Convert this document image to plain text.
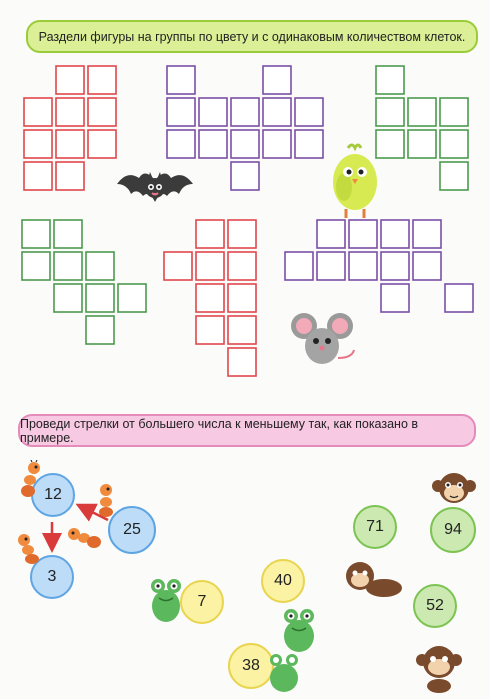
Раздели фигуры на группы по цвету и с одинаковым количеством клеток.
Проведи стрелки от большего числа к меньшему так, как показано в примере.
12
25
3
71	94
40
7	52
38
